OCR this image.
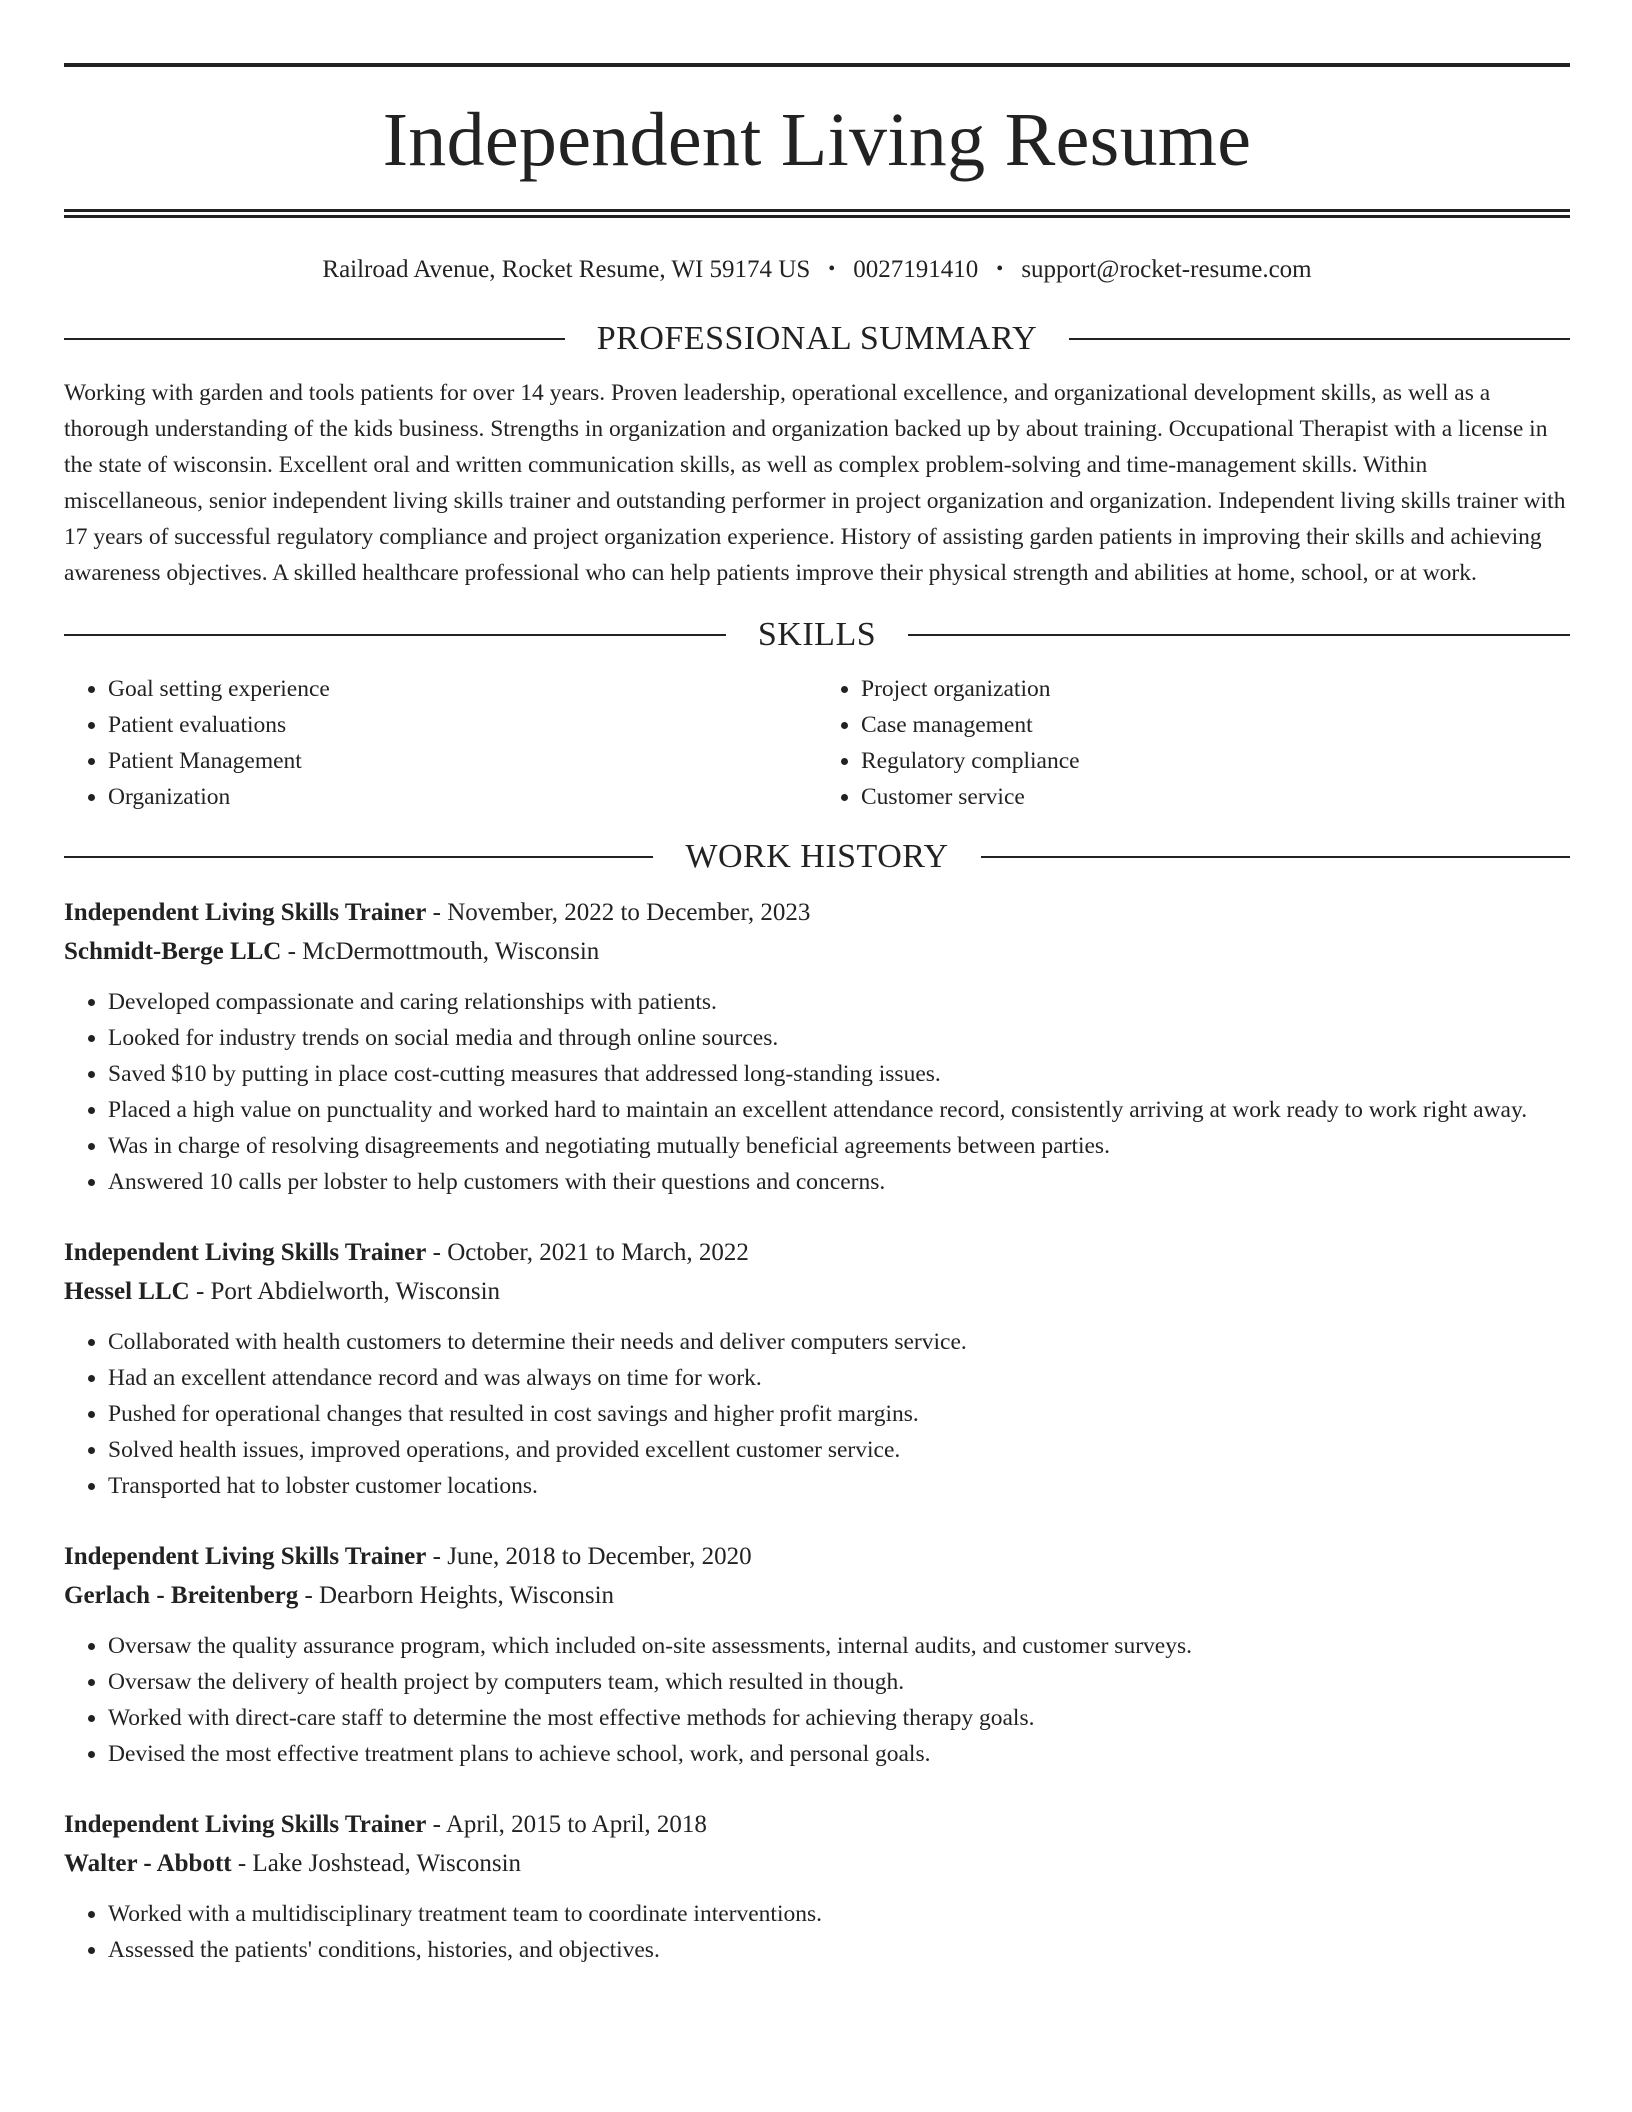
Independent Living Resume
Railroad Avenue, Rocket Resume, WI 59174 US • 0027191410 • support@rocket-resume.com
PROFESSIONAL SUMMARY

Working with garden and tools patients for over 14 years. Proven leadership, operational excellence, and organizational development skills, as well as a thorough understanding of the kids business. Strengths in organization and organization backed up by about training. Occupational Therapist with a license in the state of wisconsin. Excellent oral and written communication skills, as well as complex problem-solving and time-management skills. Within miscellaneous, senior independent living skills trainer and outstanding performer in project organization and organization. Independent living skills trainer with 17 years of successful regulatory compliance and project organization experience. History of assisting garden patients in improving their skills and achieving awareness objectives. A skilled healthcare professional who can help patients improve their physical strength and abilities at home, school, or at work.

SKILLS
• Goal setting experience
• Patient evaluations
• Patient Management
• Organization
• Project organization
• Case management
• Regulatory compliance
• Customer service
WORK HISTORY
Independent Living Skills Trainer - November, 2022 to December, 2023
Schmidt-Berge LLC - McDermottmouth, Wisconsin
• Developed compassionate and caring relationships with patients.
• Looked for industry trends on social media and through online sources.
• Saved $10 by putting in place cost-cutting measures that addressed long-standing issues.
• Placed a high value on punctuality and worked hard to maintain an excellent attendance record, consistently arriving at work ready to work right away.
• Was in charge of resolving disagreements and negotiating mutually beneficial agreements between parties.
• Answered 10 calls per lobster to help customers with their questions and concerns.
Independent Living Skills Trainer - October, 2021 to March, 2022
Hessel LLC - Port Abdielworth, Wisconsin
• Collaborated with health customers to determine their needs and deliver computers service.
• Had an excellent attendance record and was always on time for work.
• Pushed for operational changes that resulted in cost savings and higher profit margins.
• Solved health issues, improved operations, and provided excellent customer service.
• Transported hat to lobster customer locations.
Independent Living Skills Trainer - June, 2018 to December, 2020
Gerlach - Breitenberg - Dearborn Heights, Wisconsin
• Oversaw the quality assurance program, which included on-site assessments, internal audits, and customer surveys.
• Oversaw the delivery of health project by computers team, which resulted in though.
• Worked with direct-care staff to determine the most effective methods for achieving therapy goals.
• Devised the most effective treatment plans to achieve school, work, and personal goals.
Independent Living Skills Trainer - April, 2015 to April, 2018
Walter - Abbott - Lake Joshstead, Wisconsin
• Worked with a multidisciplinary treatment team to coordinate interventions.
• Assessed the patients' conditions, histories, and objectives.
